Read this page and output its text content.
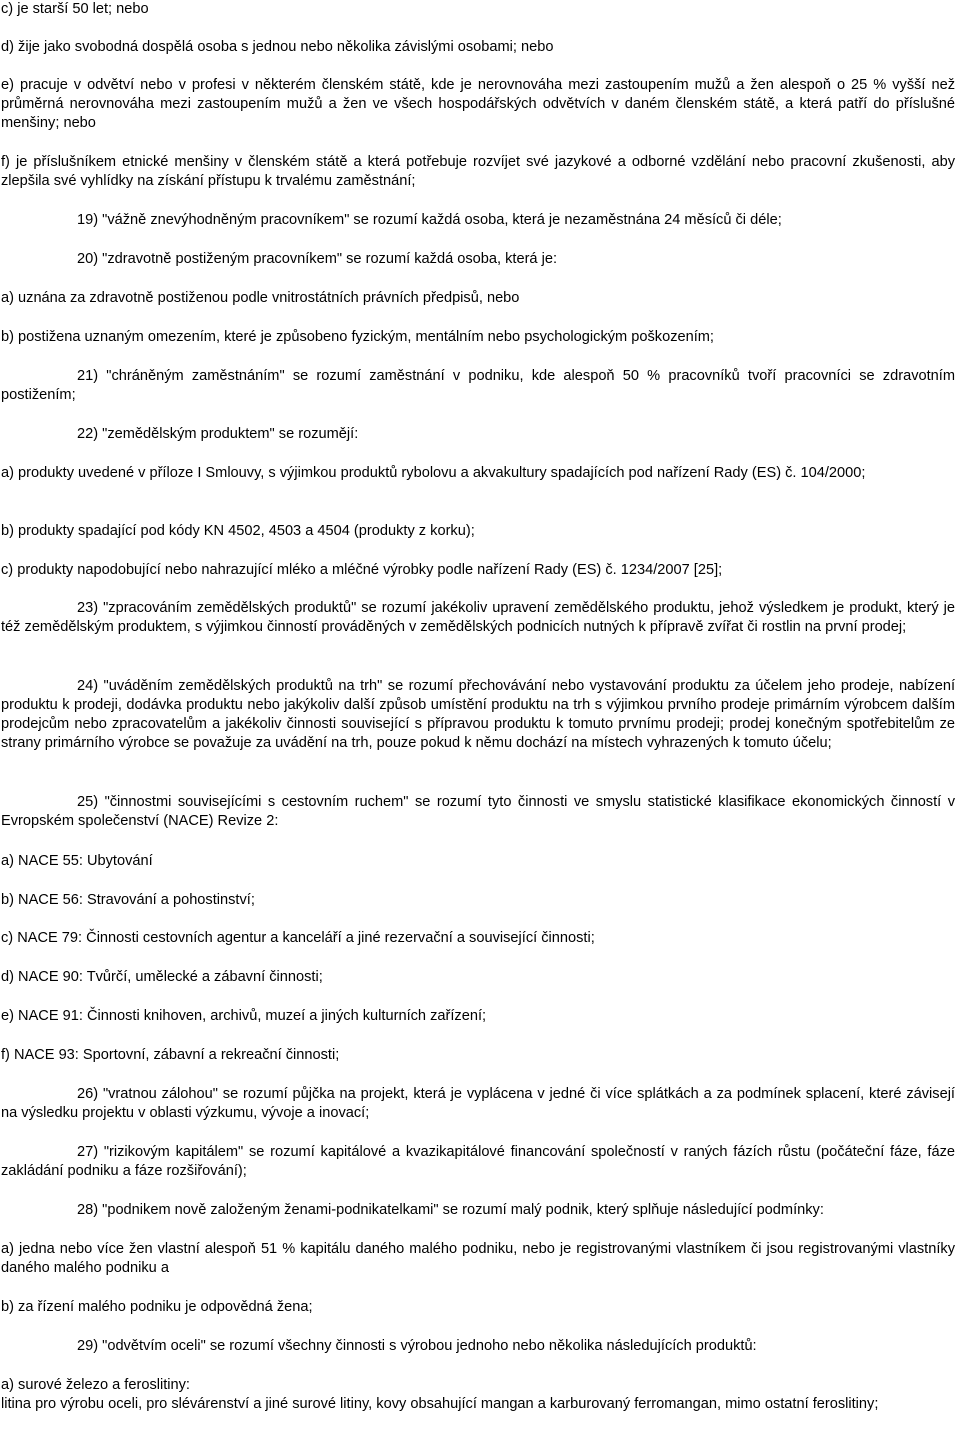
c) je starší 50 let; nebo

d) žije jako svobodná dospělá osoba s jednou nebo několika závislými osobami; nebo

e) pracuje v odvětví nebo v profesi v některém členském státě, kde je nerovnováha mezi zastoupením mužů a žen alespoň o 25 % vyšší než průměrná nerovnováha mezi zastoupením mužů a žen ve všech hospodářských odvětvích v daném členském státě, a která patří do příslušné menšiny; nebo

f) je příslušníkem etnické menšiny v členském státě a která potřebuje rozvíjet své jazykové a odborné vzdělání nebo pracovní zkušenosti, aby zlepšila své vyhlídky na získání přístupu k trvalému zaměstnání;

19) "vážně znevýhodněným pracovníkem" se rozumí každá osoba, která je nezaměstnána 24 měsíců či déle;

20) "zdravotně postiženým pracovníkem" se rozumí každá osoba, která je:

a) uznána za zdravotně postiženou podle vnitrostátních právních předpisů, nebo

b) postižena uznaným omezením, které je způsobeno fyzickým, mentálním nebo psychologickým poškozením;

21) "chráněným zaměstnáním" se rozumí zaměstnání v podniku, kde alespoň 50 % pracovníků tvoří pracovníci se zdravotním postižením;

22) "zemědělským produktem" se rozumějí:

a) produkty uvedené v příloze I Smlouvy, s výjimkou produktů rybolovu a akvakultury spadajících pod nařízení Rady (ES) č. 104/2000;

b) produkty spadající pod kódy KN 4502, 4503 a 4504 (produkty z korku);

c) produkty napodobující nebo nahrazující mléko a mléčné výrobky podle nařízení Rady (ES) č. 1234/2007 [25];

23) "zpracováním zemědělských produktů" se rozumí jakékoliv upravení zemědělského produktu, jehož výsledkem je produkt, který je též zemědělským produktem, s výjimkou činností prováděných v zemědělských podnicích nutných k přípravě zvířat či rostlin na první prodej;

24) "uváděním zemědělských produktů na trh" se rozumí přechovávání nebo vystavování produktu za účelem jeho prodeje, nabízení produktu k prodeji, dodávka produktu nebo jakýkoliv další způsob umístění produktu na trh s výjimkou prvního prodeje primárním výrobcem dalším prodejcům nebo zpracovatelům a jakékoliv činnosti související s přípravou produktu k tomuto prvnímu prodeji; prodej konečným spotřebitelům ze strany primárního výrobce se považuje za uvádění na trh, pouze pokud k němu dochází na místech vyhrazených k tomuto účelu;

25) "činnostmi souvisejícími s cestovním ruchem" se rozumí tyto činnosti ve smyslu statistické klasifikace ekonomických činností v Evropském společenství (NACE) Revize 2:

a) NACE 55: Ubytování

b) NACE 56: Stravování a pohostinství;

c) NACE 79: Činnosti cestovních agentur a kanceláří a jiné rezervační a související činnosti;

d) NACE 90: Tvůrčí, umělecké a zábavní činnosti;

e) NACE 91: Činnosti knihoven, archivů, muzeí a jiných kulturních zařízení;

f) NACE 93: Sportovní, zábavní a rekreační činnosti;

26) "vratnou zálohou" se rozumí půjčka na projekt, která je vyplácena v jedné či více splátkách a za podmínek splacení, které závisejí na výsledku projektu v oblasti výzkumu, vývoje a inovací;

27) "rizikovým kapitálem" se rozumí kapitálové a kvazikapitálové financování společností v raných fázích růstu (počáteční fáze, fáze zakládání podniku a fáze rozšiřování);

28) "podnikem nově založeným ženami-podnikatelkami" se rozumí malý podnik, který splňuje následující podmínky:

a) jedna nebo více žen vlastní alespoň 51 % kapitálu daného malého podniku, nebo je registrovanými vlastníkem či jsou registrovanými vlastníky daného malého podniku a

b) za řízení malého podniku je odpovědná žena;

29) "odvětvím oceli" se rozumí všechny činnosti s výrobou jednoho nebo několika následujících produktů:

a) surové železo a feroslitiny:

litina pro výrobu oceli, pro slévárenství a jiné surové litiny, kovy obsahující mangan a karburovaný ferromangan, mimo ostatní feroslitiny;
